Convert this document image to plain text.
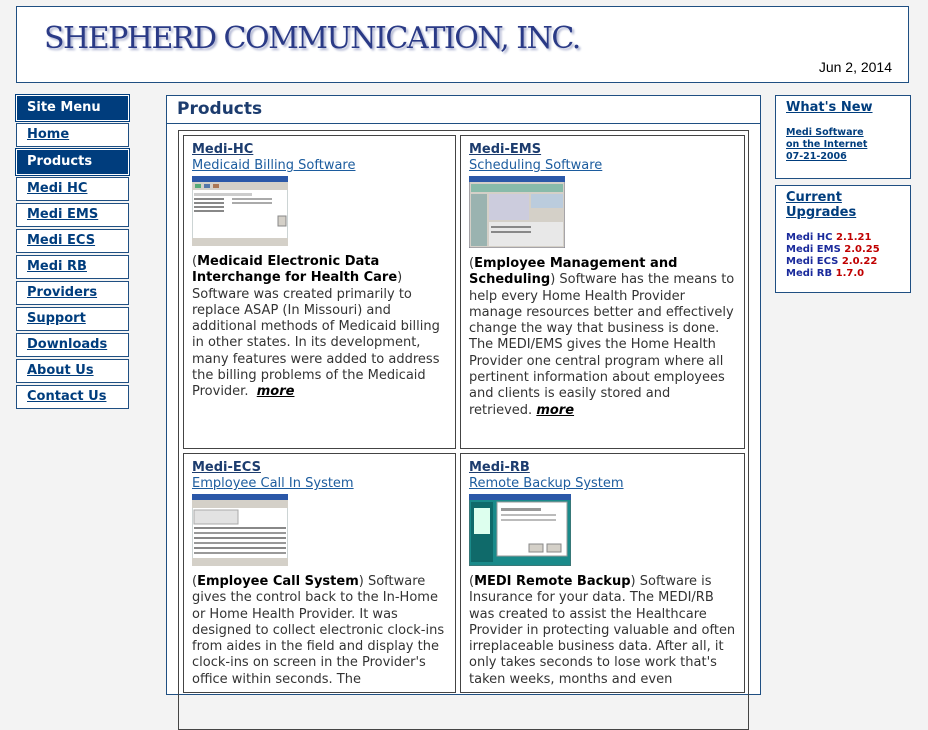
SHEPHERD COMMUNICATION, INC.
Jun 2, 2014
Site Menu
Home
Products
Medi HC
Medi EMS
Medi ECS
Medi RB
Providers
Support
Downloads
About Us
Contact Us
Products
Medi-HC
Medicaid Billing Software

(Medicaid Electronic Data Interchange for Health Care) Software was created primarily to replace ASAP (In Missouri) and additional methods of Medicaid billing in other states. In its development, many features were added to address the billing problems of the Medicaid Provider. more

Medi-EMS
Scheduling Software

(Employee Management and Scheduling) Software has the means to help every Home Health Provider manage resources better and effectively change the way that business is done. The MEDI/EMS gives the Home Health Provider one central program where all pertinent information about employees and clients is easily stored and retrieved. more

Medi-ECS
Employee Call In System

(Employee Call System) Software gives the control back to the In-Home or Home Health Provider. It was designed to collect electronic clock-ins from aides in the field and display the clock-ins on screen in the Provider's office within seconds. The

Medi-RB
Remote Backup System

(MEDI Remote Backup) Software is Insurance for your data. The MEDI/RB was created to assist the Healthcare Provider in protecting valuable and often irreplaceable business data. After all, it only takes seconds to lose work that's taken weeks, months and even

What's New
Medi Software
on the Internet
07-21-2006
Current
Upgrades
Medi HC 2.1.21
Medi EMS 2.0.25
Medi ECS 2.0.22
Medi RB 1.7.0
